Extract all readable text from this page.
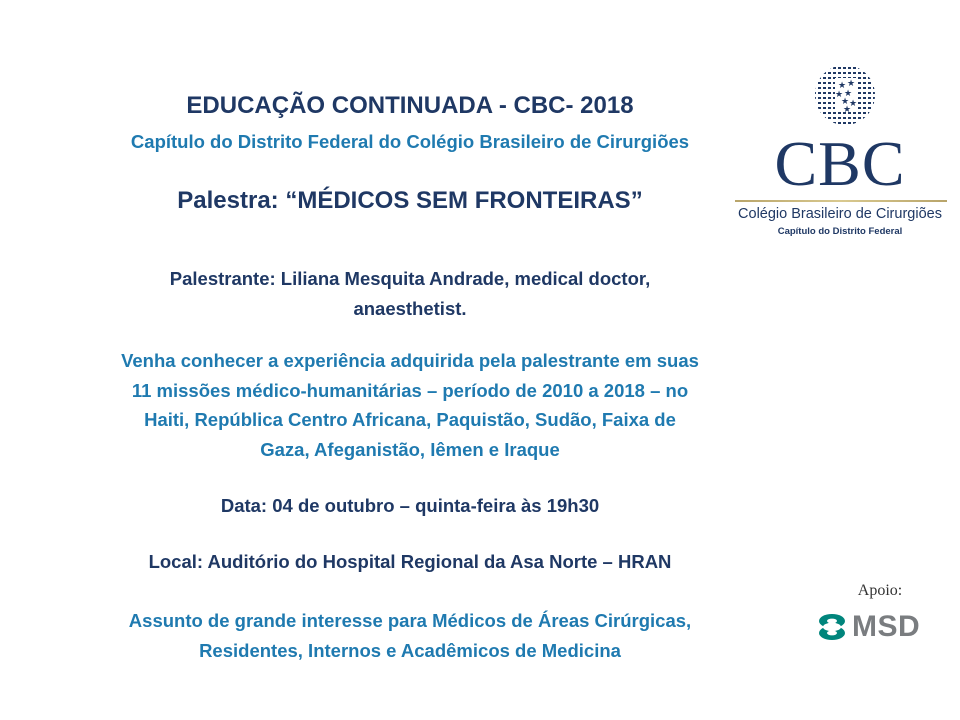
EDUCAÇÃO CONTINUADA - CBC- 2018

Capítulo do Distrito Federal do Colégio Brasileiro de Cirurgiões

Palestra: “MÉDICOS SEM FRONTEIRAS”

Palestrante: Liliana Mesquita Andrade, medical doctor,
anaesthetist.

Venha conhecer a experiência adquirida pela palestrante em suas
11 missões médico-humanitárias – período de 2010 a 2018 – no
Haiti, República Centro Africana, Paquistão, Sudão, Faixa de
Gaza, Afeganistão, Iêmen e Iraque

Data: 04 de outubro – quinta-feira às 19h30

Local: Auditório do Hospital Regional da Asa Norte – HRAN

Assunto de grande interesse para Médicos de Áreas Cirúrgicas,
Residentes, Internos e Acadêmicos de Medicina

★ ★
★ ★
★ ★
★
CBC
Colégio Brasileiro de Cirurgiões
Capítulo do Distrito Federal
Apoio:
MSD
